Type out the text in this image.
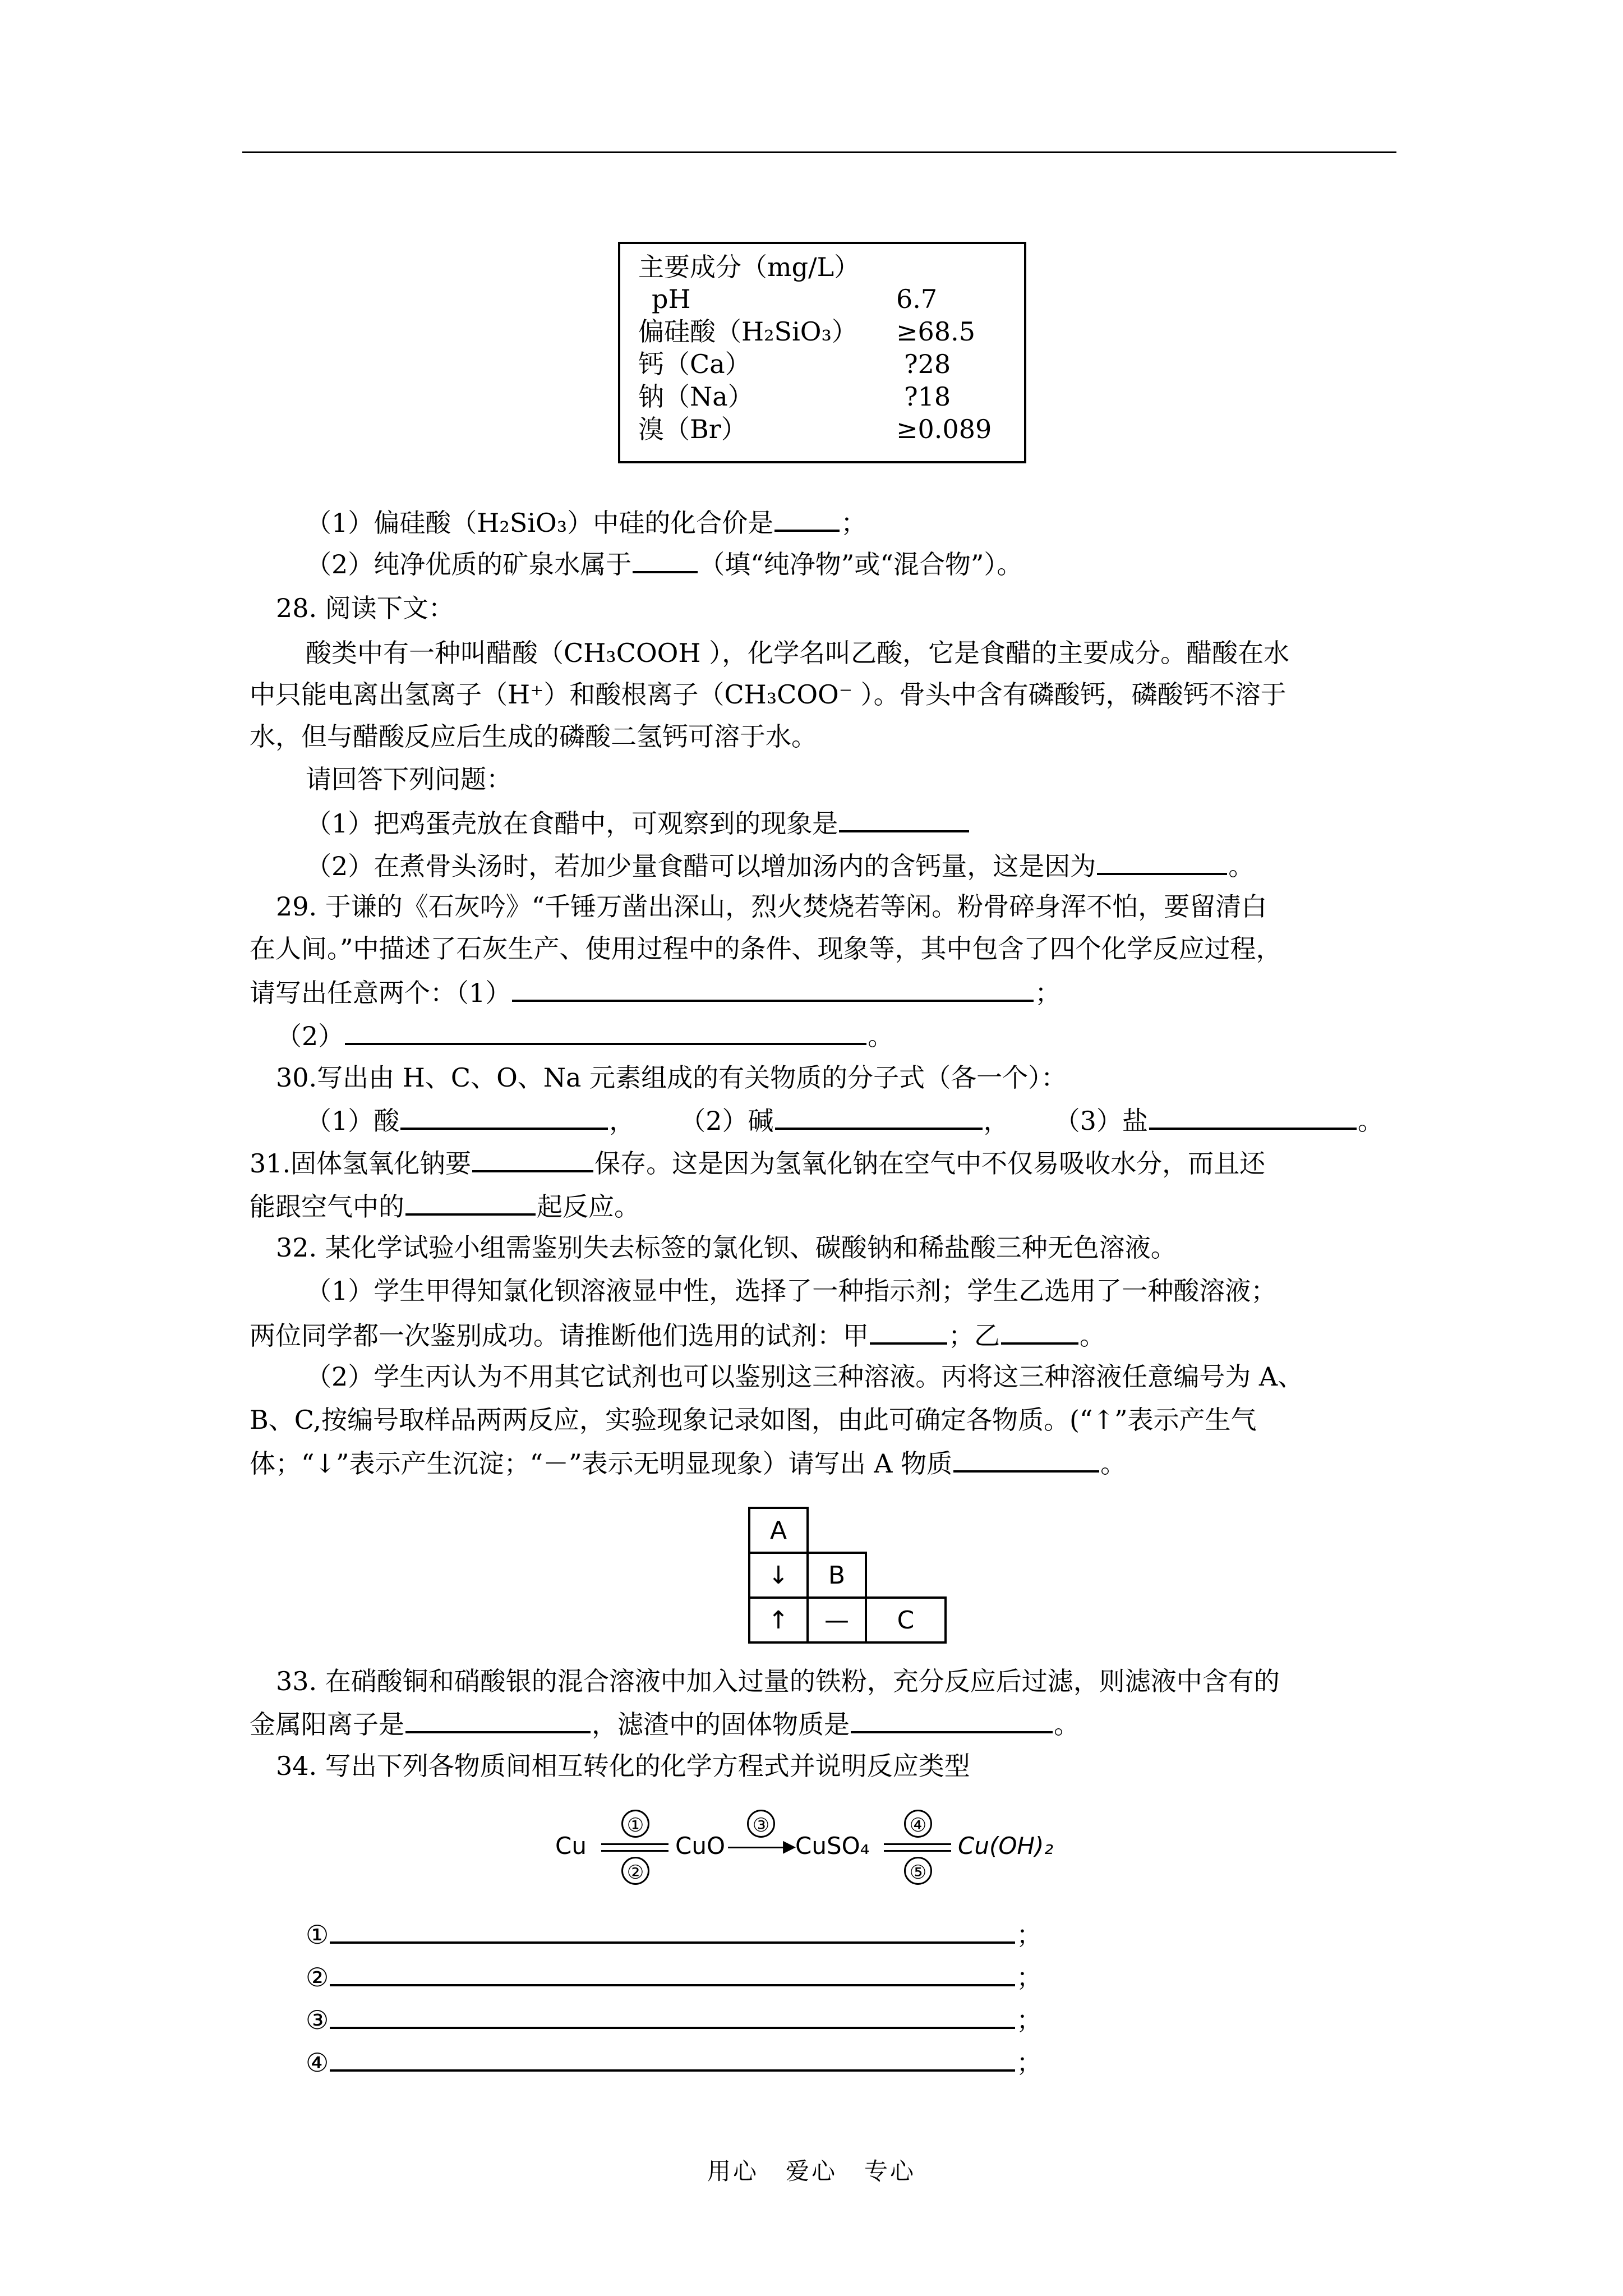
主要成分（mg/L）
pH	6.7
偏硅酸（H₂SiO₃） ≥68.5
钙（Ca）	?28
钠（Na）	?18
溴（Br）	≥0.089
（1）偏硅酸（H₂SiO₃）中硅的化合价是	；
（2）纯净优质的矿泉水属于	（填“纯净物”或“混合物”）。
28. 阅读下文：
酸类中有一种叫醋酸（CH₃COOH ），化学名叫乙酸，它是食醋的主要成分。醋酸在水
中只能电离出氢离子（H⁺）和酸根离子（CH₃COO⁻ ）。骨头中含有磷酸钙，磷酸钙不溶于
水，但与醋酸反应后生成的磷酸二氢钙可溶于水。
请回答下列问题：
（1）把鸡蛋壳放在食醋中，可观察到的现象是
（2）在煮骨头汤时，若加少量食醋可以增加汤内的含钙量，这是因为	。
29. 于谦的《石灰吟》“千锤万凿出深山，烈火焚烧若等闲。粉骨碎身浑不怕，要留清白
在人间。”中描述了石灰生产、使用过程中的条件、现象等，其中包含了四个化学反应过程，
请写出任意两个：（1）	；
（2）	。
30.写出由 H、C、O、Na 元素组成的有关物质的分子式（各一个）：
（1）酸	， （2）碱	， （3）盐	。
31.固体氢氧化钠要	保存。这是因为氢氧化钠在空气中不仅易吸收水分，而且还
能跟空气中的	起反应。
32. 某化学试验小组需鉴别失去标签的氯化钡、碳酸钠和稀盐酸三种无色溶液。
（1）学生甲得知氯化钡溶液显中性，选择了一种指示剂；学生乙选用了一种酸溶液；
两位同学都一次鉴别成功。请推断他们选用的试剂：甲	；乙	。
（2）学生丙认为不用其它试剂也可以鉴别这三种溶液。丙将这三种溶液任意编号为 A、
B、C,按编号取样品两两反应，实验现象记录如图，由此可确定各物质。(“↑”表示产生气
体；“↓”表示产生沉淀；“－”表示无明显现象）请写出 A 物质	。
A
↓	B
↑	—	C
33. 在硝酸铜和硝酸银的混合溶液中加入过量的铁粉，充分反应后过滤，则滤液中含有的
金属阳离子是	，滤渣中的固体物质是	。
34. 写出下列各物质间相互转化的化学方程式并说明反应类型
Cu
①
②
CuO
③
▶
CuSO₄
④
⑤
Cu(OH)₂
①	；
②	；
③	；
④	；
用心 爱心 专心
